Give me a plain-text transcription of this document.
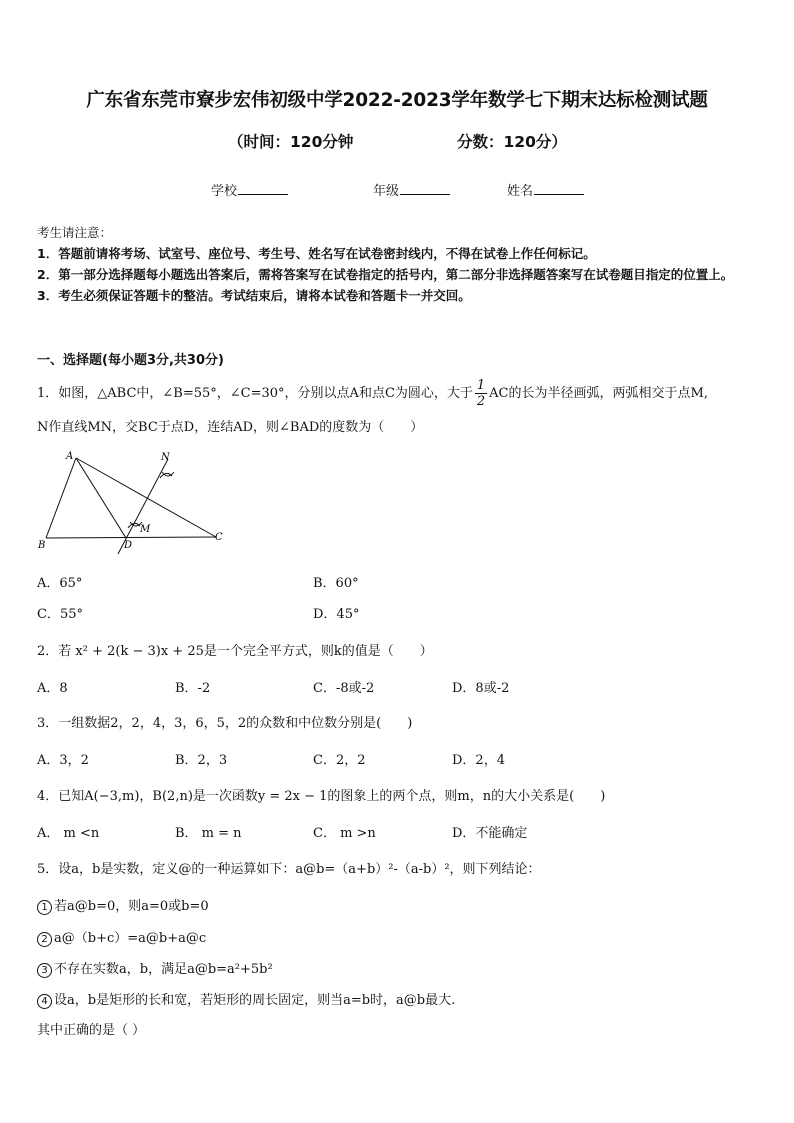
广东省东莞市寮步宏伟初级中学2022-2023学年数学七下期末达标检测试题
（时间：120分钟	分数：120分）
学校	年级	姓名
考生请注意：
1．答题前请将考场、试室号、座位号、考生号、姓名写在试卷密封线内，不得在试卷上作任何标记。
2．第一部分选择题每小题选出答案后，需将答案写在试卷指定的括号内，第二部分非选择题答案写在试卷题目指定的位置上。
3．考生必须保证答题卡的整洁。考试结束后，请将本试卷和答题卡一并交回。
一、选择题(每小题3分,共30分)
1．如图，△ABC中，∠B=55°，∠C=30°，分别以点A和点C为圆心，大于 $\frac{1}{2}$ AC的长为半径画弧，两弧相交于点M,
N作直线MN，交BC于点D，连结AD，则∠BAD的度数为（　　）
A
B
C
D
M
N
A．65°	B．60°
C．55°	D．45°
2．若 x² + 2(k − 3)x + 25是一个完全平方式，则k的值是（　　）
A．8	B．-2	C．-8或-2	D．8或-2
3．一组数据2，2，4，3，6，5，2的众数和中位数分别是(　　)
A．3，2	B．2，3	C．2，2	D．2，4
4．已知A(−3,m)，B(2,n)是一次函数y = 2x − 1的图象上的两个点，则m，n的大小关系是(　　)
A． m <n	B． m = n	C． m >n	D．不能确定
5．设a，b是实数，定义@的一种运算如下：a@b=（a+b）²-（a-b）²，则下列结论：
1 若a@b=0，则a=0或b=0
2 a@（b+c）=a@b+a@c
3 不存在实数a，b，满足a@b=a²+5b²
4 设a，b是矩形的长和宽，若矩形的周长固定，则当a=b时，a@b最大.
其中正确的是（ ）
